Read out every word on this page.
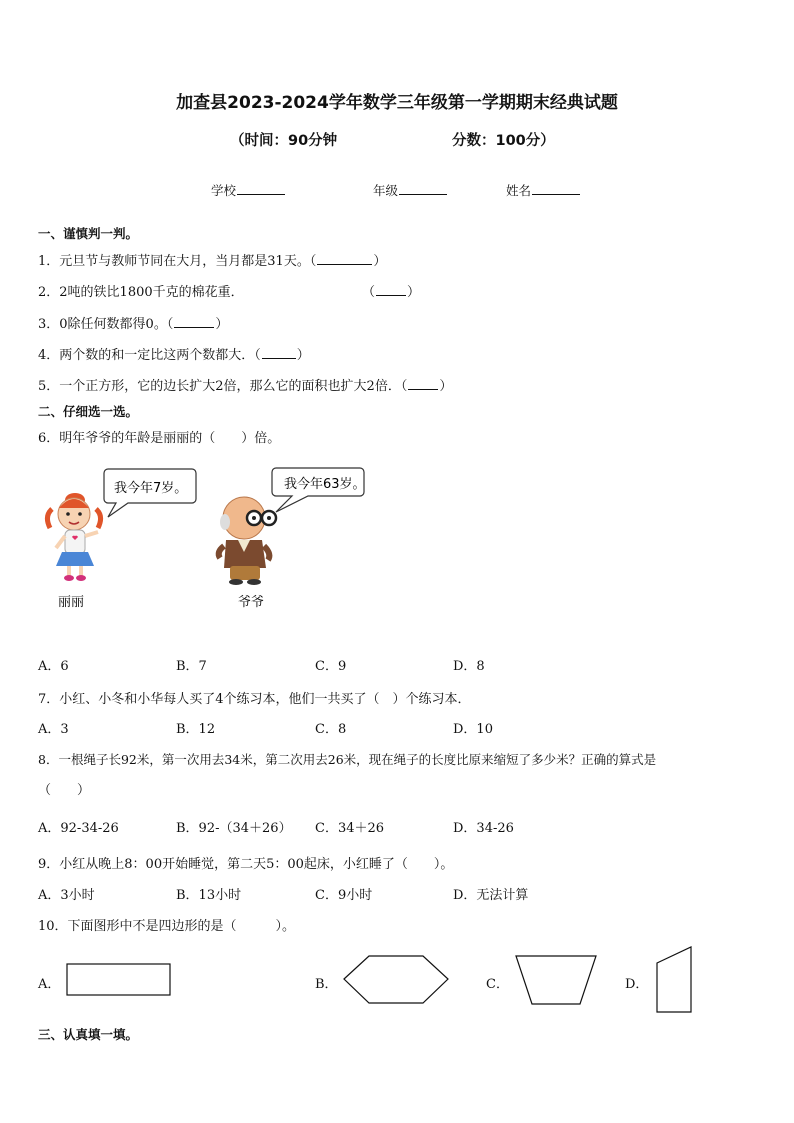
加查县2023-2024学年数学三年级第一学期期末经典试题
（时间：90分钟	分数：100分）
学校	年级	姓名
一、谨慎判一判。
1．元旦节与教师节同在大月，当月都是31天。（	）
2．2吨的铁比1800千克的棉花重．	（ ）
3．0除任何数都得0。（	）
4．两个数的和一定比这两个数都大．（	）
5．一个正方形，它的边长扩大2倍，那么它的面积也扩大2倍．（ ）
二、仔细选一选。
6．明年爷爷的年龄是丽丽的（　　）倍。
我今年7岁。	我今年63岁。
丽丽	爷爷
A．6	B．7	C．9	D．8
7．小红、小冬和小华每人买了4个练习本，他们一共买了（　）个练习本．
A．3	B．12	C．8	D．10
8．一根绳子长92米，第一次用去34米，第二次用去26米，现在绳子的长度比原来缩短了多少米？正确的算式是
（　　）
A．92-34-26	B．92-（34＋26） C．34＋26	D．34-26
9．小红从晚上8：00开始睡觉，第二天5：00起床，小红睡了（　　）。
A．3小时	B．13小时	C．9小时	D．无法计算
10．下面图形中不是四边形的是（　　　）。
A．	B．	C．	D．
三、认真填一填。
